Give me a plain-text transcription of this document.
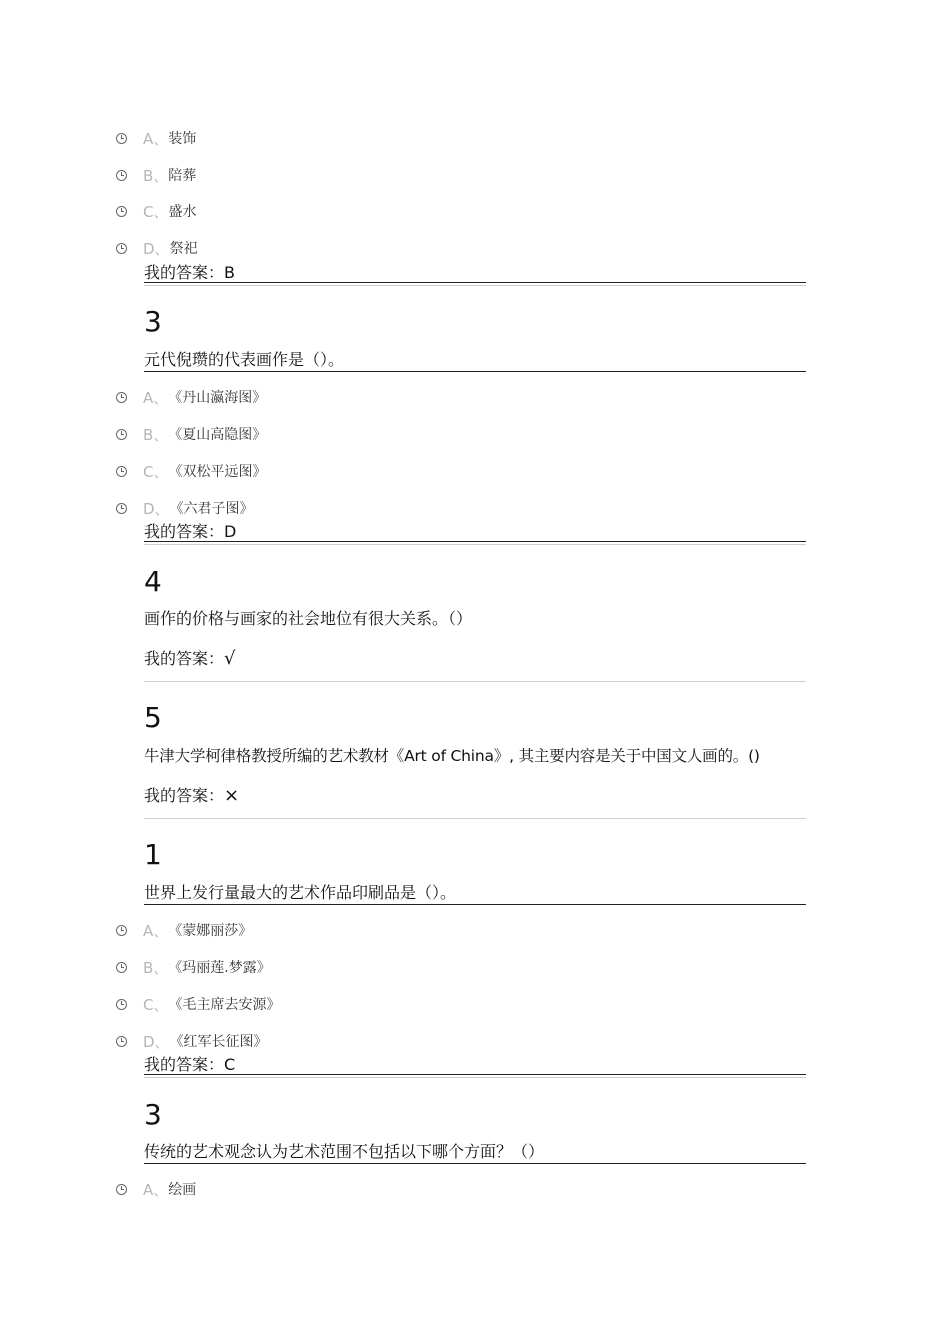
A、 装饰
B、 陪葬
C、 盛水
D、 祭祀
我的答案：B
3
元代倪瓒的代表画作是（）。
A、 《丹山瀛海图》
B、 《夏山高隐图》
C、 《双松平远图》
D、 《六君子图》
我的答案：D
4
画作的价格与画家的社会地位有很大关系。（）
我的答案：√
5
牛津大学柯律格教授所编的艺术教材《Art of China》, 其主要内容是关于中国文人画的。()
我的答案：×
1
世界上发行量最大的艺术作品印刷品是（）。
A、 《蒙娜丽莎》
B、 《玛丽莲.梦露》
C、 《毛主席去安源》
D、 《红军长征图》
我的答案：C
3
传统的艺术观念认为艺术范围不包括以下哪个方面？（）
A、 绘画
